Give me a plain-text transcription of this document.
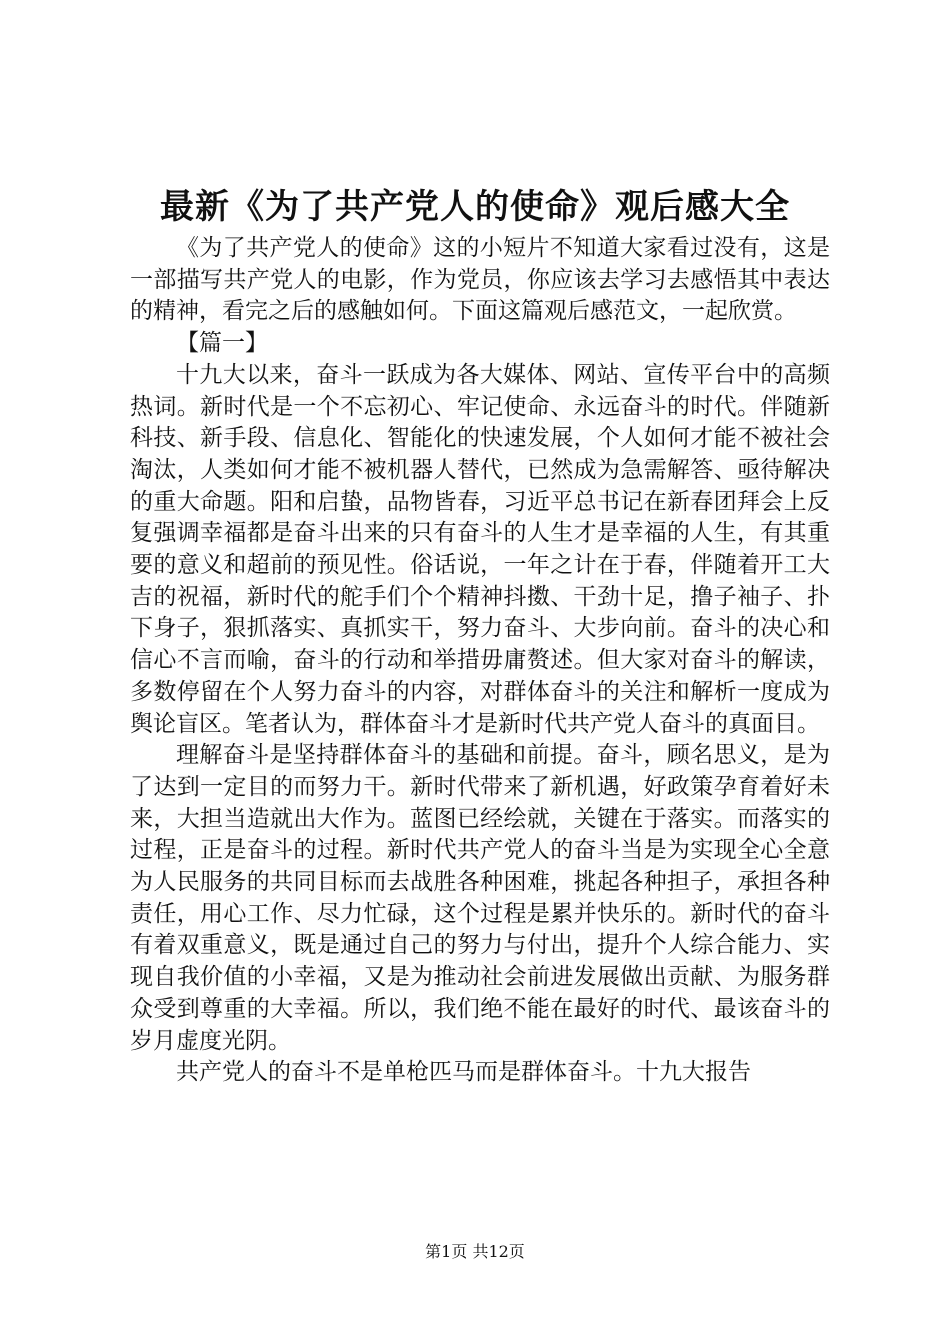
最新《为了共产党人的使命》观后感大全

《为了共产党人的使命》这的小短片不知道大家看过没有，这是一部描写共产党人的电影，作为党员，你应该去学习去感悟其中表达的精神，看完之后的感触如何。下面这篇观后感范文，一起欣赏。

【篇一】

十九大以来，奋斗一跃成为各大媒体、网站、宣传平台中的高频热词。新时代是一个不忘初心、牢记使命、永远奋斗的时代。伴随新科技、新手段、信息化、智能化的快速发展，个人如何才能不被社会淘汰，人类如何才能不被机器人替代，已然成为急需解答、亟待解决的重大命题。阳和启蛰，品物皆春，习近平总书记在新春团拜会上反复强调幸福都是奋斗出来的只有奋斗的人生才是幸福的人生，有其重要的意义和超前的预见性。俗话说，一年之计在于春，伴随着开工大吉的祝福，新时代的舵手们个个精神抖擞、干劲十足，撸子袖子、扑下身子，狠抓落实、真抓实干，努力奋斗、大步向前。奋斗的决心和信心不言而喻，奋斗的行动和举措毋庸赘述。但大家对奋斗的解读，多数停留在个人努力奋斗的内容，对群体奋斗的关注和解析一度成为舆论盲区。笔者认为，群体奋斗才是新时代共产党人奋斗的真面目。

理解奋斗是坚持群体奋斗的基础和前提。奋斗，顾名思义，是为了达到一定目的而努力干。新时代带来了新机遇，好政策孕育着好未来，大担当造就出大作为。蓝图已经绘就，关键在于落实。而落实的过程，正是奋斗的过程。新时代共产党人的奋斗当是为实现全心全意为人民服务的共同目标而去战胜各种困难，挑起各种担子，承担各种责任，用心工作、尽力忙碌，这个过程是累并快乐的。新时代的奋斗有着双重意义，既是通过自己的努力与付出，提升个人综合能力、实现自我价值的小幸福，又是为推动社会前进发展做出贡献、为服务群众受到尊重的大幸福。所以，我们绝不能在最好的时代、最该奋斗的岁月虚度光阴。

共产党人的奋斗不是单枪匹马而是群体奋斗。十九大报告

第1页 共12页
